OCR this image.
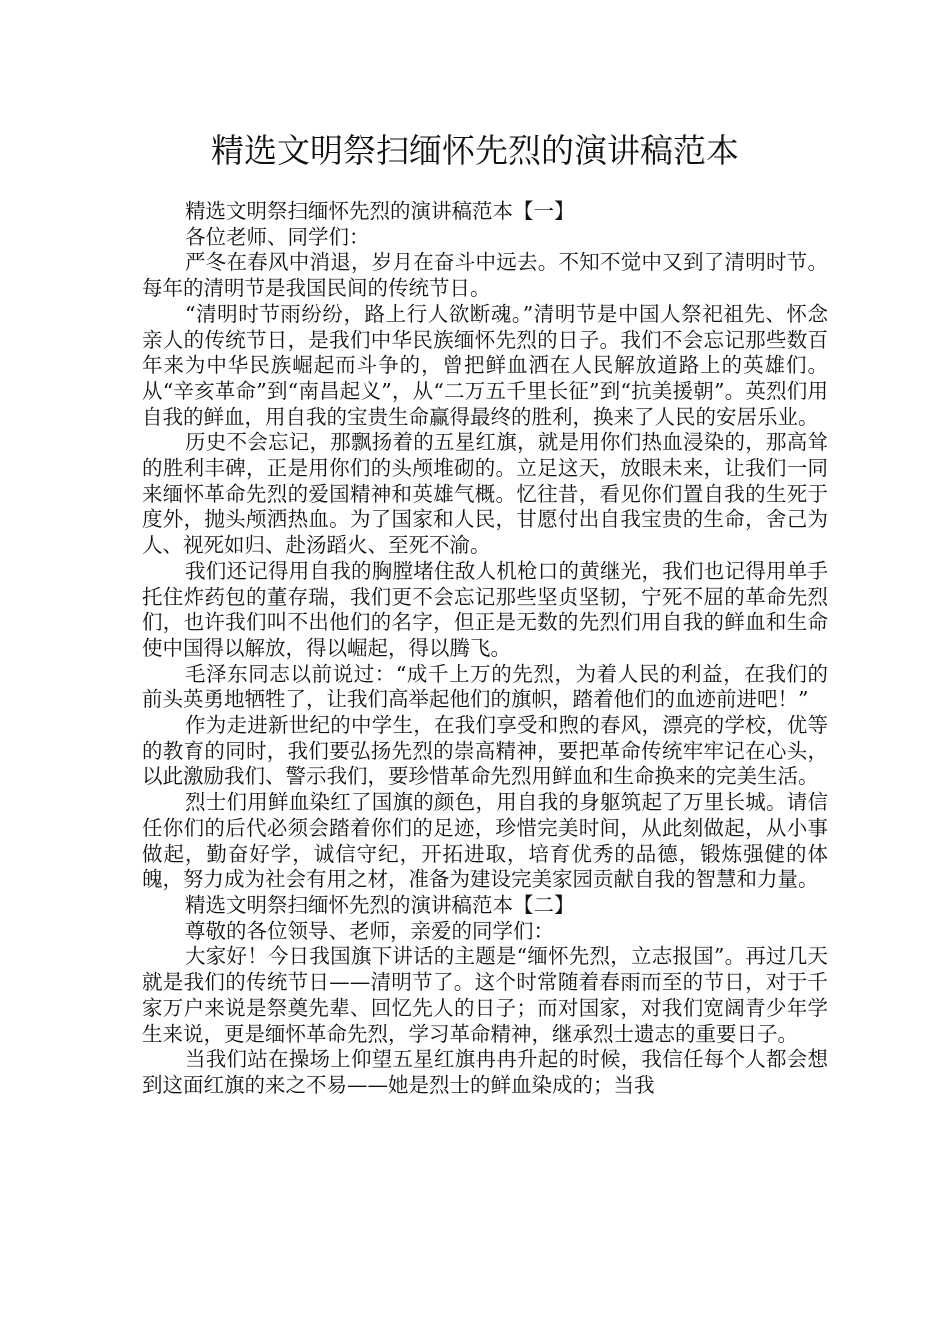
精选文明祭扫缅怀先烈的演讲稿范本

精选文明祭扫缅怀先烈的演讲稿范本【一】

各位老师、同学们：

严冬在春风中消退，岁月在奋斗中远去。不知不觉中又到了清明时节。每年的清明节是我国民间的传统节日。

“清明时节雨纷纷，路上行人欲断魂。”清明节是中国人祭祀祖先、怀念亲人的传统节日，是我们中华民族缅怀先烈的日子。我们不会忘记那些数百年来为中华民族崛起而斗争的，曾把鲜血洒在人民解放道路上的英雄们。从“辛亥革命”到“南昌起义”，从“二万五千里长征”到“抗美援朝”。英烈们用自我的鲜血，用自我的宝贵生命赢得最终的胜利，换来了人民的安居乐业。

历史不会忘记，那飘扬着的五星红旗，就是用你们热血浸染的，那高耸的胜利丰碑，正是用你们的头颅堆砌的。立足这天，放眼未来，让我们一同来缅怀革命先烈的爱国精神和英雄气概。忆往昔，看见你们置自我的生死于度外，抛头颅洒热血。为了国家和人民，甘愿付出自我宝贵的生命，舍己为人、视死如归、赴汤蹈火、至死不渝。

我们还记得用自我的胸膛堵住敌人机枪口的黄继光，我们也记得用单手托住炸药包的董存瑞，我们更不会忘记那些坚贞坚韧，宁死不屈的革命先烈们，也许我们叫不出他们的名字，但正是无数的先烈们用自我的鲜血和生命使中国得以解放，得以崛起，得以腾飞。

毛泽东同志以前说过：“成千上万的先烈，为着人民的利益，在我们的前头英勇地牺牲了，让我们高举起他们的旗帜，踏着他们的血迹前进吧！”

作为走进新世纪的中学生，在我们享受和煦的春风，漂亮的学校，优等的教育的同时，我们要弘扬先烈的崇高精神，要把革命传统牢牢记在心头，以此激励我们、警示我们，要珍惜革命先烈用鲜血和生命换来的完美生活。

烈士们用鲜血染红了国旗的颜色，用自我的身躯筑起了万里长城。请信任你们的后代必须会踏着你们的足迹，珍惜完美时间，从此刻做起，从小事做起，勤奋好学，诚信守纪，开拓进取，培育优秀的品德，锻炼强健的体魄，努力成为社会有用之材，准备为建设完美家园贡献自我的智慧和力量。

精选文明祭扫缅怀先烈的演讲稿范本【二】

尊敬的各位领导、老师，亲爱的同学们：

大家好！今日我国旗下讲话的主题是“缅怀先烈，立志报国”。再过几天就是我们的传统节日——清明节了。这个时常随着春雨而至的节日，对于千家万户来说是祭奠先辈、回忆先人的日子；而对国家，对我们宽阔青少年学生来说，更是缅怀革命先烈，学习革命精神，继承烈士遗志的重要日子。

当我们站在操场上仰望五星红旗冉冉升起的时候，我信任每个人都会想到这面红旗的来之不易——她是烈士的鲜血染成的；当我
